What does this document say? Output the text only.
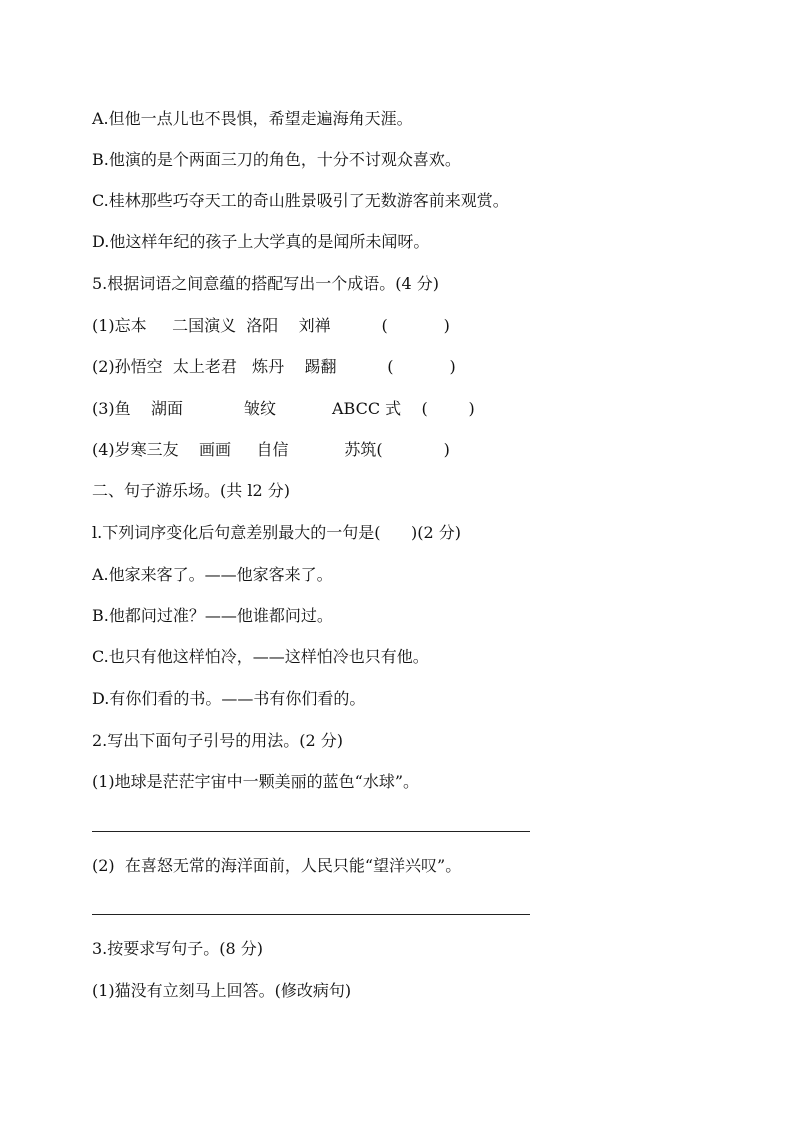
A.但他一点儿也不畏惧，希望走遍海角天涯。

B.他演的是个两面三刀的角色，十分不讨观众喜欢。

C.桂林那些巧夺天工的奇山胜景吸引了无数游客前来观赏。

D.他这样年纪的孩子上大学真的是闻所未闻呀。

5.根据词语之间意蕴的搭配写出一个成语。(4 分)

(1)忘本     二国演义  洛阳    刘禅          (           )

(2)孙悟空  太上老君   炼丹    踢翻          (           )

(3)鱼    湖面            皱纹           ABCC 式    (        )

(4)岁寒三友    画画     自信           苏筑(            )

二、句子游乐场。(共 l2 分)

l.下列词序变化后句意差别最大的一句是(      )(2 分)

A.他家来客了。——他家客来了。

B.他都问过准？——他谁都问过。

C.也只有他这样怕冷，——这样怕冷也只有他。

D.有你们看的书。——书有你们看的。

2.写出下面句子引号的用法。(2 分)

(1)地球是茫茫宇宙中一颗美丽的蓝色“水球”。

(2)  在喜怒无常的海洋面前，人民只能“望洋兴叹”。

3.按要求写句子。(8 分)

(1)猫没有立刻马上回答。(修改病句)
